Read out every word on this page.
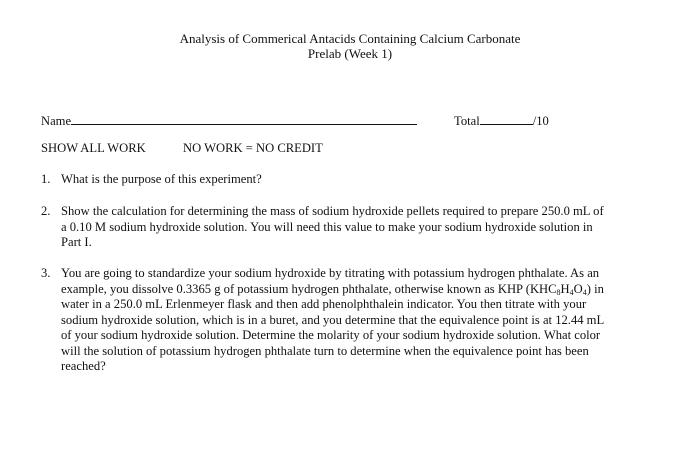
Analysis of Commerical Antacids Containing Calcium Carbonate
Prelab (Week 1)
Name	Total	/10
SHOW ALL WORK	NO WORK = NO CREDIT
1. What is the purpose of this experiment?
2. Show the calculation for determining the mass of sodium hydroxide pellets required to prepare 250.0 mL of
a 0.10 M sodium hydroxide solution. You will need this value to make your sodium hydroxide solution in
Part I.
3. You are going to standardize your sodium hydroxide by titrating with potassium hydrogen phthalate. As an
example, you dissolve 0.3365 g of potassium hydrogen phthalate, otherwise known as KHP $(KHC_8H_4O_4)$ in
water in a 250.0 mL Erlenmeyer flask and then add phenolphthalein indicator. You then titrate with your
sodium hydroxide solution, which is in a buret, and you determine that the equivalence point is at 12.44 mL
of your sodium hydroxide solution. Determine the molarity of your sodium hydroxide solution. What color
will the solution of potassium hydrogen phthalate turn to determine when the equivalence point has been
reached?
